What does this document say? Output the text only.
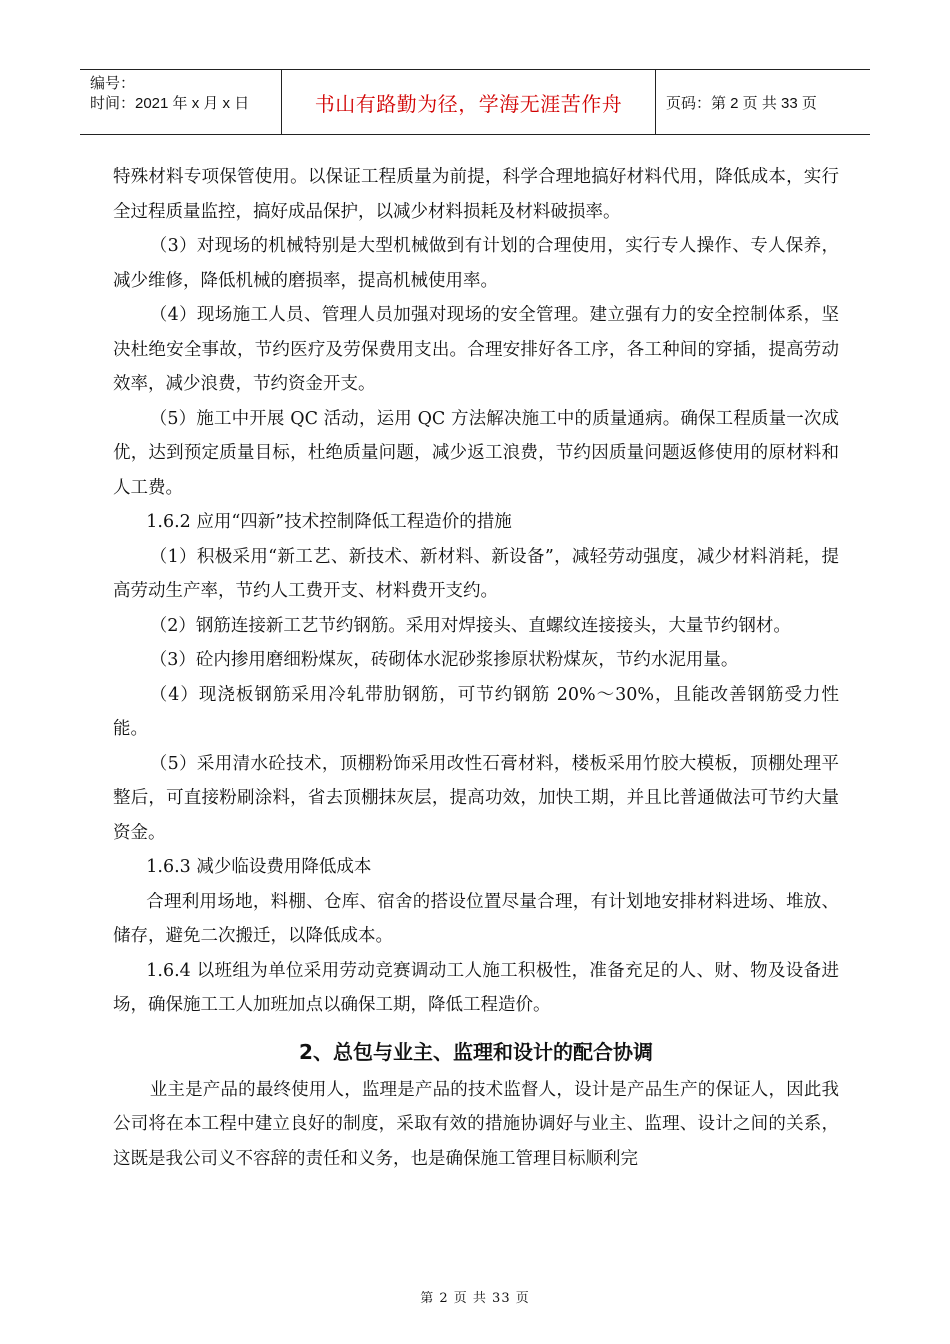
编号：
时间：2021 年 x 月 x 日	书山有路勤为径，学海无涯苦作舟	页码：第 2 页 共 33 页

特殊材料专项保管使用。以保证工程质量为前提，科学合理地搞好材料代用，降低成本，实行全过程质量监控，搞好成品保护，以减少材料损耗及材料破损率。

（3）对现场的机械特别是大型机械做到有计划的合理使用，实行专人操作、专人保养，减少维修，降低机械的磨损率，提高机械使用率。

（4）现场施工人员、管理人员加强对现场的安全管理。建立强有力的安全控制体系，坚决杜绝安全事故，节约医疗及劳保费用支出。合理安排好各工序，各工种间的穿插，提高劳动效率，减少浪费，节约资金开支。

（5）施工中开展 QC 活动，运用 QC 方法解决施工中的质量通病。确保工程质量一次成优，达到预定质量目标，杜绝质量问题，减少返工浪费，节约因质量问题返修使用的原材料和人工费。

1.6.2 应用“四新”技术控制降低工程造价的措施

（1）积极采用“新工艺、新技术、新材料、新设备”，减轻劳动强度，减少材料消耗，提高劳动生产率，节约人工费开支、材料费开支约。

（2）钢筋连接新工艺节约钢筋。采用对焊接头、直螺纹连接接头，大量节约钢材。

（3）砼内掺用磨细粉煤灰，砖砌体水泥砂浆掺原状粉煤灰，节约水泥用量。

（4）现浇板钢筋采用冷轧带肋钢筋，可节约钢筋 20%～30%，且能改善钢筋受力性能。

（5）采用清水砼技术，顶棚粉饰采用改性石膏材料，楼板采用竹胶大模板，顶棚处理平整后，可直接粉刷涂料，省去顶棚抹灰层，提高功效，加快工期，并且比普通做法可节约大量资金。

1.6.3 减少临设费用降低成本

合理利用场地，料棚、仓库、宿舍的搭设位置尽量合理，有计划地安排材料进场、堆放、储存，避免二次搬迁，以降低成本。

1.6.4 以班组为单位采用劳动竞赛调动工人施工积极性，准备充足的人、财、物及设备进场，确保施工工人加班加点以确保工期，降低工程造价。

2、总包与业主、监理和设计的配合协调

业主是产品的最终使用人，监理是产品的技术监督人，设计是产品生产的保证人，因此我公司将在本工程中建立良好的制度，采取有效的措施协调好与业主、监理、设计之间的关系，这既是我公司义不容辞的责任和义务，也是确保施工管理目标顺利完

第 2 页 共 33 页
